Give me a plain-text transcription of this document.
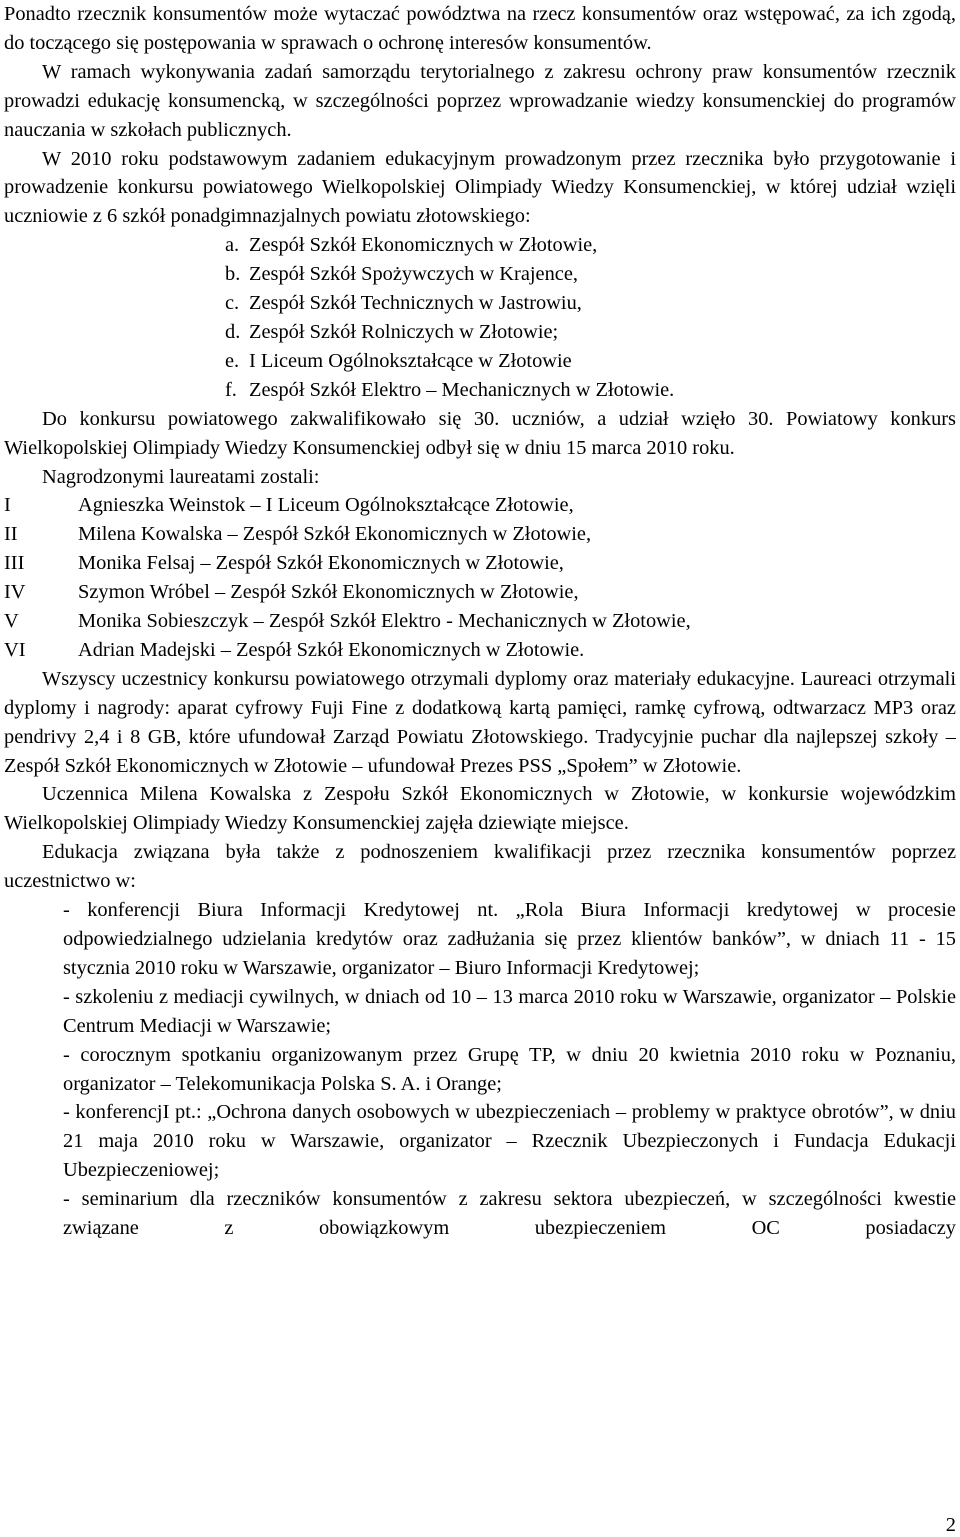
Ponadto rzecznik konsumentów może wytaczać powództwa na rzecz konsumentów oraz wstępować, za ich zgodą, do toczącego się postępowania w sprawach o ochronę interesów konsumentów.

W ramach wykonywania zadań samorządu terytorialnego z zakresu ochrony praw konsumentów rzecznik prowadzi edukację konsumencką, w szczególności poprzez wprowadzanie wiedzy konsumenckiej do programów nauczania w szkołach publicznych.

W 2010 roku podstawowym zadaniem edukacyjnym prowadzonym przez rzecznika było przygotowanie i prowadzenie konkursu powiatowego Wielkopolskiej Olimpiady Wiedzy Konsumenckiej, w której udział wzięli uczniowie z 6 szkół ponadgimnazjalnych powiatu złotowskiego:

a. Zespół Szkół Ekonomicznych w Złotowie,
b. Zespół Szkół Spożywczych w Krajence,
c. Zespół Szkół Technicznych w Jastrowiu,
d. Zespół Szkół Rolniczych w Złotowie;
e. I Liceum Ogólnokształcące w Złotowie
f. Zespół Szkół Elektro – Mechanicznych w Złotowie.

Do konkursu powiatowego zakwalifikowało się 30. uczniów, a udział wzięło 30. Powiatowy konkurs Wielkopolskiej Olimpiady Wiedzy Konsumenckiej odbył się w dniu 15 marca 2010 roku.

Nagrodzonymi laureatami zostali:

I	Agnieszka Weinstok – I Liceum Ogólnokształcące Złotowie,
II	Milena Kowalska – Zespół Szkół Ekonomicznych w Złotowie,
III	Monika Felsaj – Zespół Szkół Ekonomicznych w Złotowie,
IV	Szymon Wróbel – Zespół Szkół Ekonomicznych w Złotowie,
V	Monika Sobieszczyk – Zespół Szkół Elektro - Mechanicznych w Złotowie,
VI	Adrian Madejski – Zespół Szkół Ekonomicznych w Złotowie.

Wszyscy uczestnicy konkursu powiatowego otrzymali dyplomy oraz materiały edukacyjne. Laureaci otrzymali dyplomy i nagrody: aparat cyfrowy Fuji Fine z dodatkową kartą pamięci, ramkę cyfrową, odtwarzacz MP3 oraz pendrivy 2,4 i 8 GB, które ufundował Zarząd Powiatu Złotowskiego. Tradycyjnie puchar dla najlepszej szkoły – Zespół Szkół Ekonomicznych w Złotowie – ufundował Prezes PSS „Społem” w Złotowie.

Uczennica Milena Kowalska z Zespołu Szkół Ekonomicznych w Złotowie, w konkursie wojewódzkim Wielkopolskiej Olimpiady Wiedzy Konsumenckiej zajęła dziewiąte miejsce.

Edukacja związana była także z podnoszeniem kwalifikacji przez rzecznika konsumentów poprzez uczestnictwo w:

- konferencji Biura Informacji Kredytowej nt. „Rola Biura Informacji kredytowej w procesie odpowiedzialnego udzielania kredytów oraz zadłużania się przez klientów banków”, w dniach 11 - 15 stycznia 2010 roku w Warszawie, organizator – Biuro Informacji Kredytowej;

- szkoleniu z mediacji cywilnych, w dniach od 10 – 13 marca 2010 roku w Warszawie, organizator – Polskie Centrum Mediacji w Warszawie;

- corocznym spotkaniu organizowanym przez Grupę TP, w dniu 20 kwietnia 2010 roku w Poznaniu, organizator – Telekomunikacja Polska S. A. i Orange;

- konferencjI pt.: „Ochrona danych osobowych w ubezpieczeniach – problemy w praktyce obrotów”, w dniu 21 maja 2010 roku w Warszawie, organizator – Rzecznik Ubezpieczonych i Fundacja Edukacji Ubezpieczeniowej;

- seminarium dla rzeczników konsumentów z zakresu sektora ubezpieczeń, w szczególności kwestie związane z obowiązkowym ubezpieczeniem OC posiadaczy

2
